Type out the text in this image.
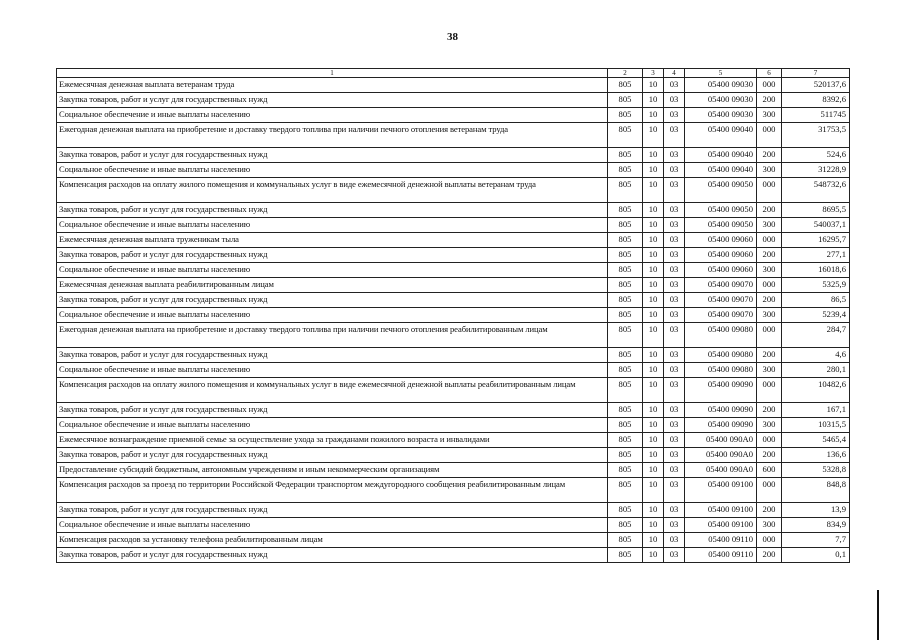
38
1	2	3	4	5	6	7
Ежемесячная денежная выплата ветеранам труда	805	10	03	05400 09030	000	520137,6
Закупка товаров, работ и услуг для государственных нужд	805	10	03	05400 09030	200	8392,6
Социальное обеспечение и иные выплаты населению	805	10	03	05400 09030	300	511745
Ежегодная денежная выплата на приобретение и доставку твердого топлива при наличии печного отопления ветеранам труда	805	10	03	05400 09040	000	31753,5
Закупка товаров, работ и услуг для государственных нужд	805	10	03	05400 09040	200	524,6
Социальное обеспечение и иные выплаты населению	805	10	03	05400 09040	300	31228,9
Компенсация расходов на оплату жилого помещения и коммунальных услуг в виде ежемесячной денежной выплаты ветеранам труда	805	10	03	05400 09050	000	548732,6
Закупка товаров, работ и услуг для государственных нужд	805	10	03	05400 09050	200	8695,5
Социальное обеспечение и иные выплаты населению	805	10	03	05400 09050	300	540037,1
Ежемесячная денежная выплата труженикам тыла	805	10	03	05400 09060	000	16295,7
Закупка товаров, работ и услуг для государственных нужд	805	10	03	05400 09060	200	277,1
Социальное обеспечение и иные выплаты населению	805	10	03	05400 09060	300	16018,6
Ежемесячная денежная выплата реабилитированным лицам	805	10	03	05400 09070	000	5325,9
Закупка товаров, работ и услуг для государственных нужд	805	10	03	05400 09070	200	86,5
Социальное обеспечение и иные выплаты населению	805	10	03	05400 09070	300	5239,4
Ежегодная денежная выплата на приобретение и доставку твердого топлива при наличии печного отопления реабилитированным лицам	805	10	03	05400 09080	000	284,7
Закупка товаров, работ и услуг для государственных нужд	805	10	03	05400 09080	200	4,6
Социальное обеспечение и иные выплаты населению	805	10	03	05400 09080	300	280,1
Компенсация расходов на оплату жилого помещения и коммунальных услуг в виде ежемесячной денежной выплаты реабилитированным лицам	805	10	03	05400 09090	000	10482,6
Закупка товаров, работ и услуг для государственных нужд	805	10	03	05400 09090	200	167,1
Социальное обеспечение и иные выплаты населению	805	10	03	05400 09090	300	10315,5
Ежемесячное вознаграждение приемной семье за осуществление ухода за гражданами пожилого возраста и инвалидами	805	10	03	05400 090А0	000	5465,4
Закупка товаров, работ и услуг для государственных нужд	805	10	03	05400 090А0	200	136,6
Предоставление субсидий бюджетным, автономным учреждениям и иным некоммерческим организациям	805	10	03	05400 090А0	600	5328,8
Компенсация расходов за проезд по территории Российской Федерации транспортом междугородного сообщения реабилитированным лицам	805	10	03	05400 09100	000	848,8
Закупка товаров, работ и услуг для государственных нужд	805	10	03	05400 09100	200	13,9
Социальное обеспечение и иные выплаты населению	805	10	03	05400 09100	300	834,9
Компенсация расходов за установку телефона реабилитированным лицам	805	10	03	05400 09110	000	7,7
Закупка товаров, работ и услуг для государственных нужд	805	10	03	05400 09110	200	0,1
